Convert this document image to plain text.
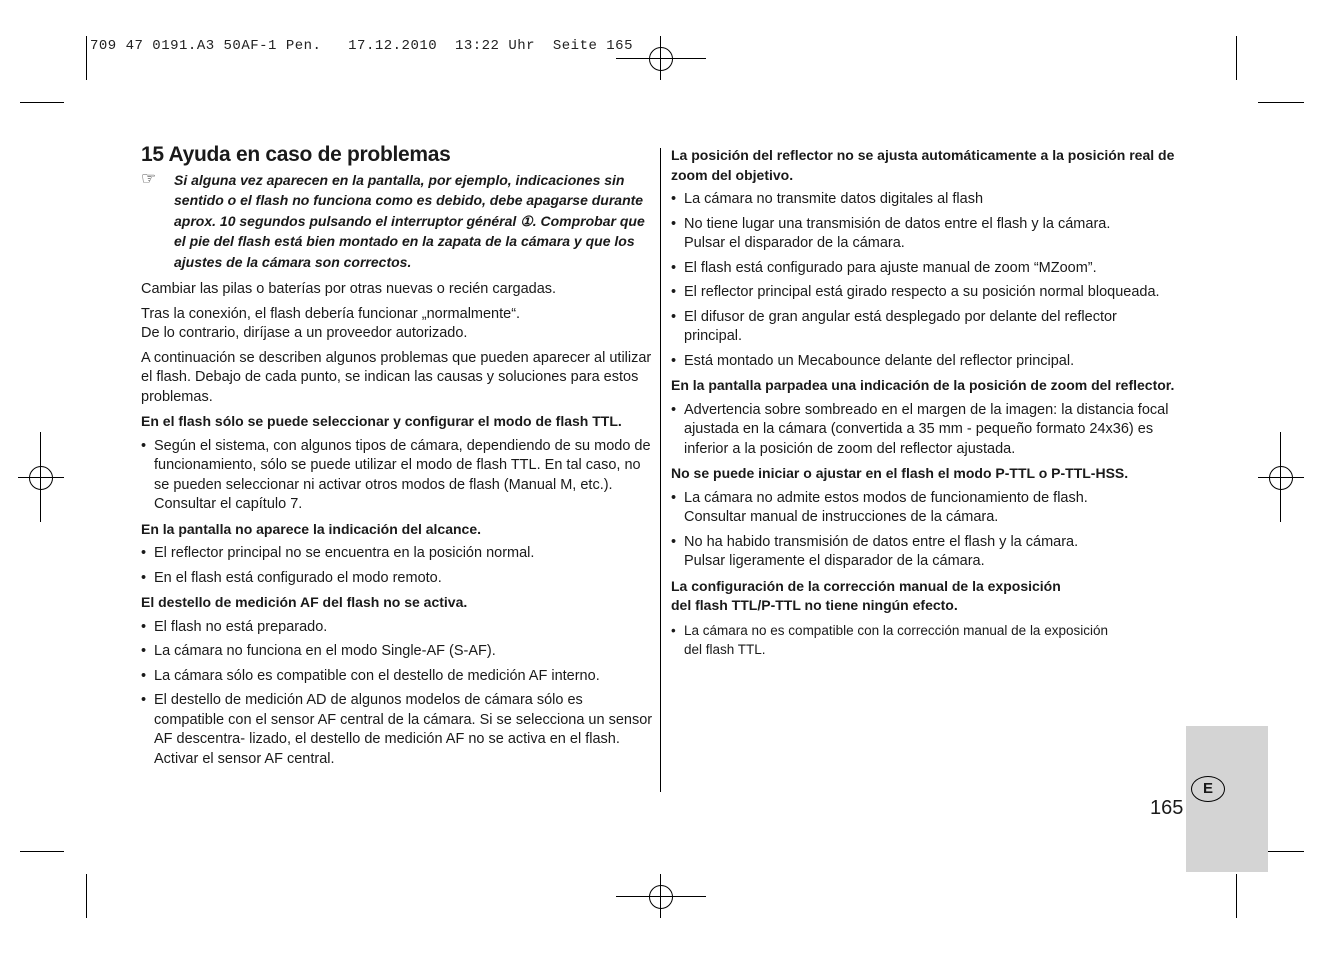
709 47 0191.A3 50AF-1 Pen.   17.12.2010  13:22 Uhr  Seite 165
15 Ayuda en caso de problemas
☞ Si alguna vez aparecen en la pantalla, por ejemplo, indicaciones sin sentido o el flash no funciona como es debido, debe apagarse durante aprox. 10 segundos pulsando el interruptor général ①. Comprobar que el pie del flash está bien montado en la zapata de la cámara y que los ajustes de la cámara son correctos.

Cambiar las pilas o baterías por otras nuevas o recién cargadas.

Tras la conexión, el flash debería funcionar „normalmente“.

De lo contrario, diríjase a un proveedor autorizado.

A continuación se describen algunos problemas que pueden aparecer al utilizar el flash. Debajo de cada punto, se indican las causas y soluciones para estos problemas.

En el flash sólo se puede seleccionar y configurar el modo de flash TTL.

• Según el sistema, con algunos tipos de cámara, dependiendo de su modo de funcionamiento, sólo se puede utilizar el modo de flash TTL. En tal caso, no se pueden seleccionar ni activar otros modos de flash (Manual M, etc.).
Consultar el capítulo 7.

En la pantalla no aparece la indicación del alcance.

• El reflector principal no se encuentra en la posición normal.
• En el flash está configurado el modo remoto.

El destello de medición AF del flash no se activa.

• El flash no está preparado.
• La cámara no funciona en el modo Single-AF (S-AF).
• La cámara sólo es compatible con el destello de medición AF interno.
• El destello de medición AD de algunos modelos de cámara sólo es compatible con el sensor AF central de la cámara. Si se selecciona un sensor AF descentra- lizado, el destello de medición AF no se activa en el flash.
Activar el sensor AF central.

La posición del reflector no se ajusta automáticamente a la posición real de zoom del objetivo.

• La cámara no transmite datos digitales al flash
• No tiene lugar una transmisión de datos entre el flash y la cámara.
Pulsar el disparador de la cámara.
• El flash está configurado para ajuste manual de zoom “MZoom”.
• El reflector principal está girado respecto a su posición normal bloqueada.
• El difusor de gran angular está desplegado por delante del reflector principal.
• Está montado un Mecabounce delante del reflector principal.

En la pantalla parpadea una indicación de la posición de zoom del reflector.

• Advertencia sobre sombreado en el margen de la imagen: la distancia focal ajustada en la cámara (convertida a 35 mm - pequeño formato 24x36) es inferior a la posición de zoom del reflector ajustada.

No se puede iniciar o ajustar en el flash el modo P-TTL o P-TTL-HSS.

• La cámara no admite estos modos de funcionamiento de flash.
Consultar manual de instrucciones de la cámara.
• No ha habido transmisión de datos entre el flash y la cámara.
Pulsar ligeramente el disparador de la cámara.

La configuración de la corrección manual de la exposición

del flash TTL/P-TTL no tiene ningún efecto.

• La cámara no es compatible con la corrección manual de la exposición
del flash TTL.
E
165
